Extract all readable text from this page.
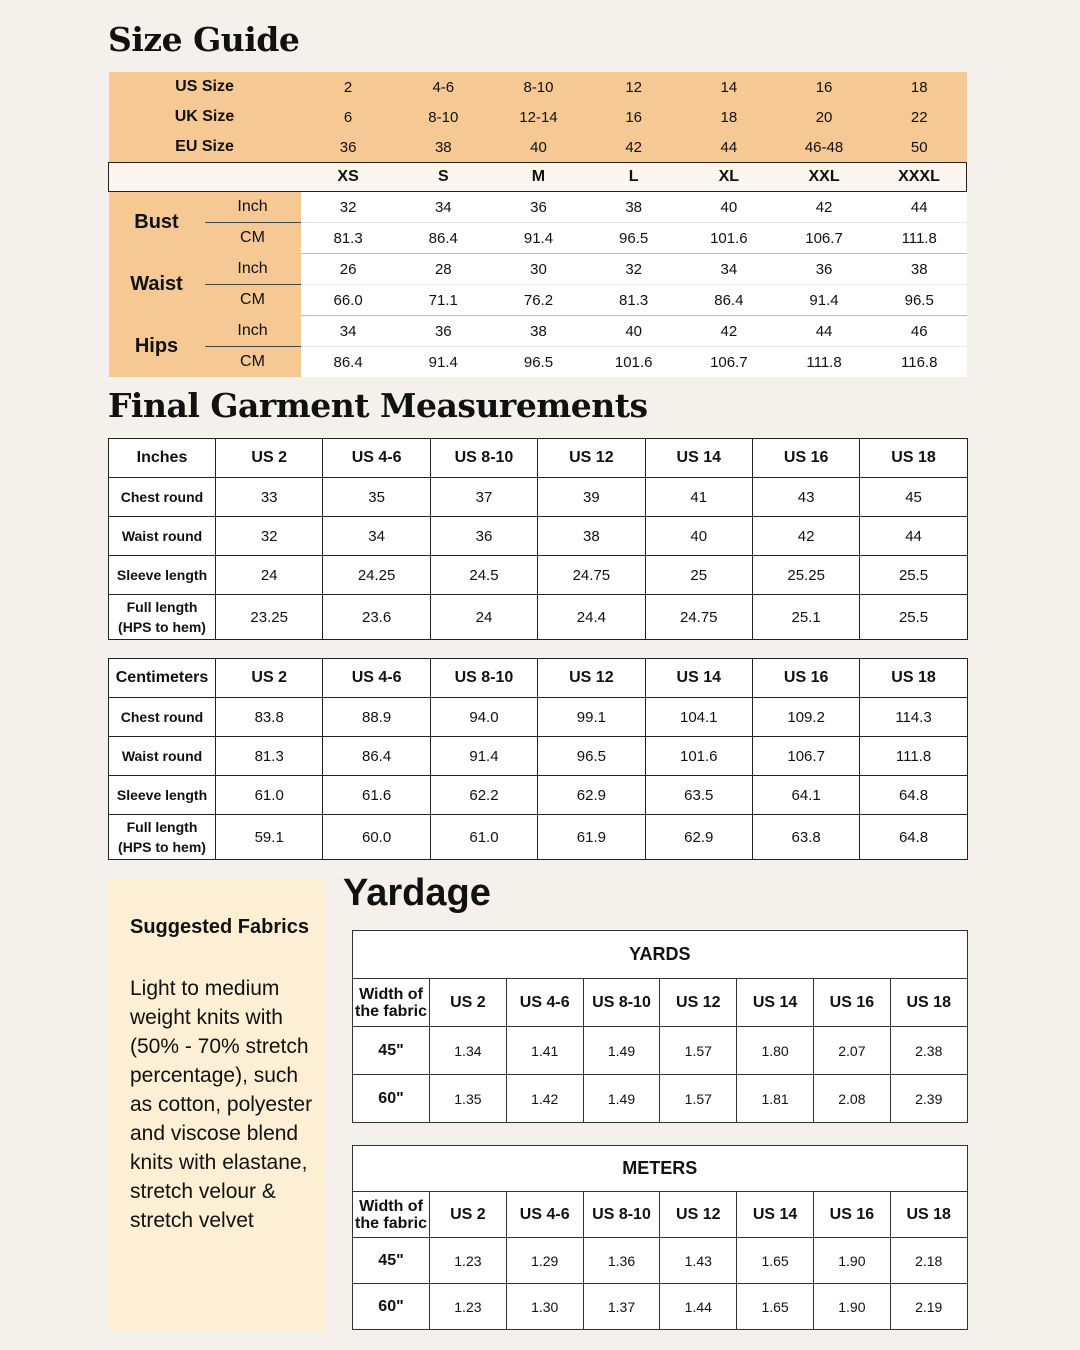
Size Guide
US Size		2	4-6	8-10	12	14	16	18
UK Size		6	8-10	12-14	16	18	20	22
EU Size		36	38	40	42	44	46-48	50
		XS	S	M	L	XL	XXL	XXXL
Bust	Inch	32	34	36	38	40	42	44
	CM	81.3	86.4	91.4	96.5	101.6	106.7	111.8
Waist	Inch	26	28	30	32	34	36	38
	CM	66.0	71.1	76.2	81.3	86.4	91.4	96.5
Hips	Inch	34	36	38	40	42	44	46
	CM	86.4	91.4	96.5	101.6	106.7	111.8	116.8
Final Garment Measurements
Inches	US 2	US 4-6	US 8-10	US 12	US 14	US 16	US 18

Chest round	33	35	37	39	41	43	45

Waist round	32	34	36	38	40	42	44

Sleeve length	24	24.25	24.5	24.75	25	25.25	25.5

Full length
(HPS to hem)	23.25	23.6	24	24.4	24.75	25.1	25.5
Centimeters	US 2	US 4-6	US 8-10	US 12	US 14	US 16	US 18

Chest round	83.8	88.9	94.0	99.1	104.1	109.2	114.3

Waist round	81.3	86.4	91.4	96.5	101.6	106.7	111.8

Sleeve length	61.0	61.6	62.2	62.9	63.5	64.1	64.8

Full length
(HPS to hem)	59.1	60.0	61.0	61.9	62.9	63.8	64.8
Suggested Fabrics
Light to medium weight knits with (50% - 70% stretch percentage), such as cotton, polyester and viscose blend knits with elastane, stretch velour & stretch velvet
Yardage
YARDS							

Width of
the fabric	US 2	US 4-6	US 8-10	US 12	US 14	US 16	US 18
45"	1.34	1.41	1.49	1.57	1.80	2.07	2.38
60"	1.35	1.42	1.49	1.57	1.81	2.08	2.39
METERS							

Width of
the fabric	US 2	US 4-6	US 8-10	US 12	US 14	US 16	US 18
45"	1.23	1.29	1.36	1.43	1.65	1.90	2.18
60"	1.23	1.30	1.37	1.44	1.65	1.90	2.19
